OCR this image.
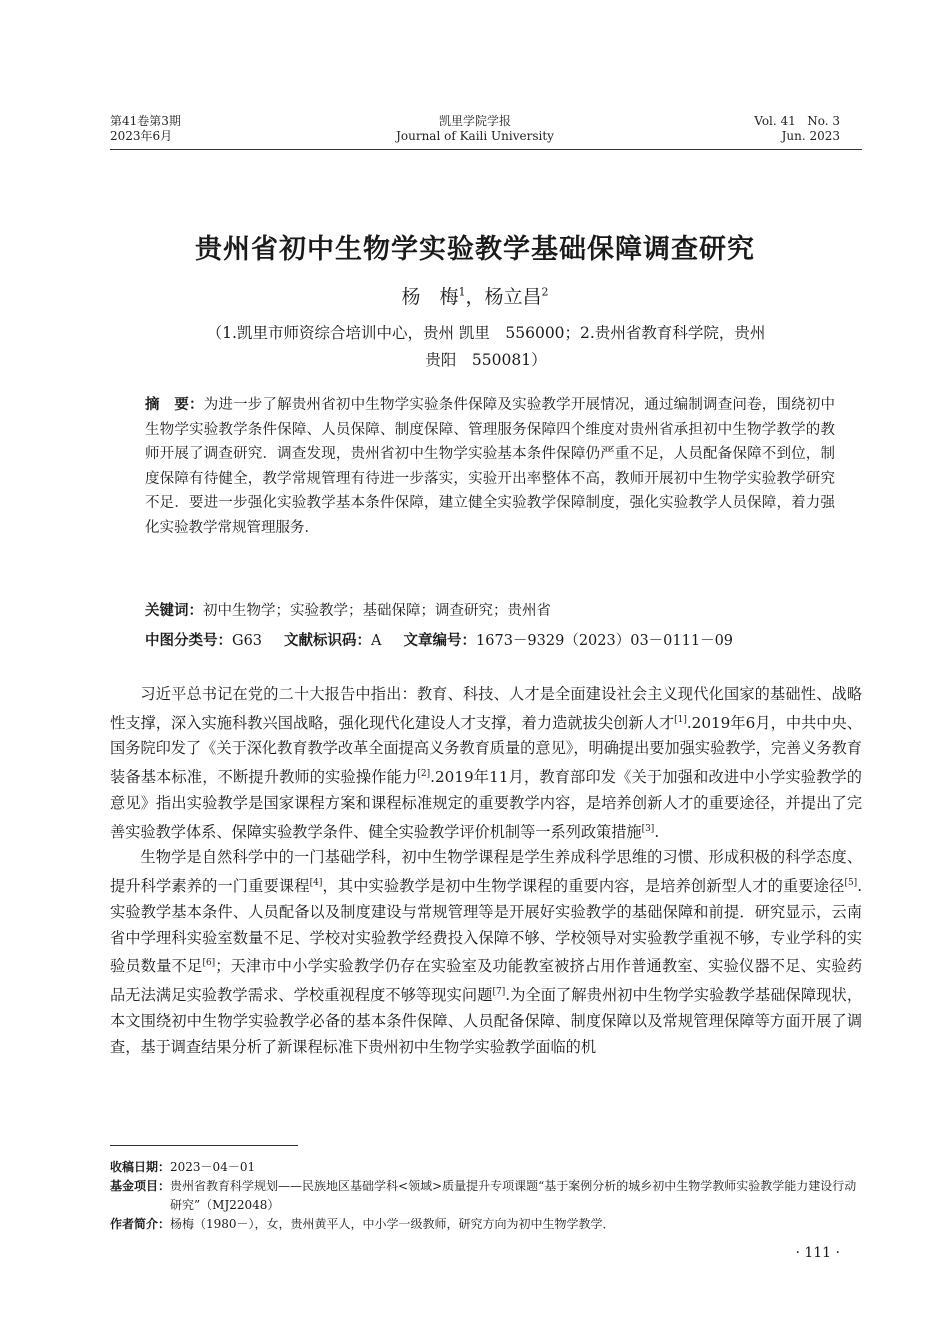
第41卷第3期
2023年6月
凯里学院学报
Journal of Kaili University
Vol. 41   No. 3
Jun. 2023
贵州省初中生物学实验教学基础保障调查研究
杨　梅$^1$，杨立昌$^2$
（1.凯里市师资综合培训中心，贵州 凯里　556000；2.贵州省教育科学院，贵州
贵阳　550081）
摘　要：为进一步了解贵州省初中生物学实验条件保障及实验教学开展情况，通过编制调查问卷，围绕初中生物学实验教学条件保障、人员保障、制度保障、管理服务保障四个维度对贵州省承担初中生物学教学的教师开展了调查研究．调查发现，贵州省初中生物学实验基本条件保障仍严重不足，人员配备保障不到位，制度保障有待健全，教学常规管理有待进一步落实，实验开出率整体不高，教师开展初中生物学实验教学研究不足．要进一步强化实验教学基本条件保障，建立健全实验教学保障制度，强化实验教学人员保障，着力强化实验教学常规管理服务．
关键词：初中生物学；实验教学；基础保障；调查研究；贵州省
中图分类号：G63 文献标识码：A 文章编号：1673－9329（2023）03－0111－09

习近平总书记在党的二十大报告中指出：教育、科技、人才是全面建设社会主义现代化国家的基础性、战略性支撑，深入实施科教兴国战略，强化现代化建设人才支撑，着力造就拔尖创新人才[1].2019年6月，中共中央、国务院印发了《关于深化教育教学改革全面提高义务教育质量的意见》，明确提出要加强实验教学，完善义务教育装备基本标准，不断提升教师的实验操作能力[2].2019年11月，教育部印发《关于加强和改进中小学实验教学的意见》指出实验教学是国家课程方案和课程标准规定的重要教学内容，是培养创新人才的重要途径，并提出了完善实验教学体系、保障实验教学条件、健全实验教学评价机制等一系列政策措施[3].

生物学是自然科学中的一门基础学科，初中生物学课程是学生养成科学思维的习惯、形成积极的科学态度、提升科学素养的一门重要课程[4]，其中实验教学是初中生物学课程的重要内容，是培养创新型人才的重要途径[5].实验教学基本条件、人员配备以及制度建设与常规管理等是开展好实验教学的基础保障和前提．研究显示，云南省中学理科实验室数量不足、学校对实验教学经费投入保障不够、学校领导对实验教学重视不够，专业学科的实验员数量不足[6]；天津市中小学实验教学仍存在实验室及功能教室被挤占用作普通教室、实验仪器不足、实验药品无法满足实验教学需求、学校重视程度不够等现实问题[7].为全面了解贵州初中生物学实验教学基础保障现状，本文围绕初中生物学实验教学必备的基本条件保障、人员配备保障、制度保障以及常规管理保障等方面开展了调查，基于调查结果分析了新课程标准下贵州初中生物学实验教学面临的机

收稿日期： 2023－04－01
基金项目： 贵州省教育科学规划——民族地区基础学科<领域>质量提升专项课题“基于案例分析的城乡初中生物学教师实验教学能力建设行动研究”（MJ22048）
作者简介： 杨梅（1980－），女，贵州黄平人，中小学一级教师，研究方向为初中生物学教学．
· 111 ·
